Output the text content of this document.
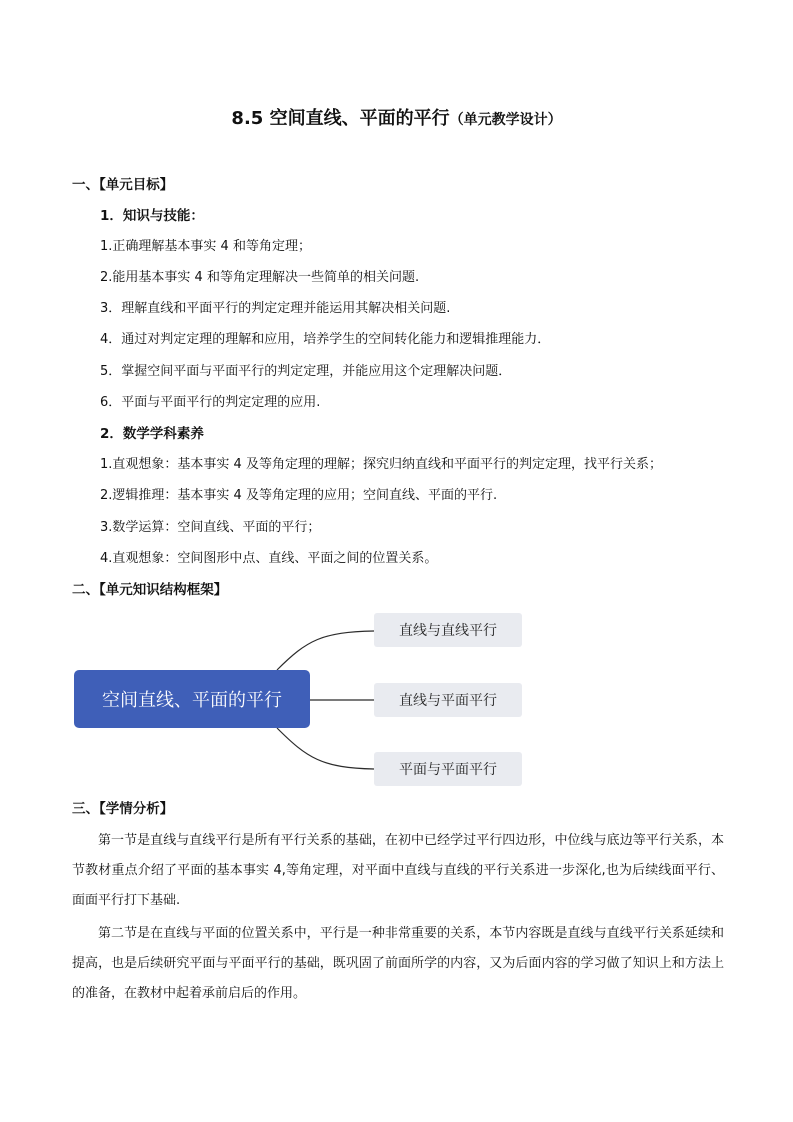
8.5 空间直线、平面的平行（单元教学设计）
一、【单元目标】
1．知识与技能：
1.正确理解基本事实 4 和等角定理；
2.能用基本事实 4 和等角定理解决一些简单的相关问题.
3．理解直线和平面平行的判定定理并能运用其解决相关问题.
4．通过对判定定理的理解和应用，培养学生的空间转化能力和逻辑推理能力．
5．掌握空间平面与平面平行的判定定理，并能应用这个定理解决问题．
6．平面与平面平行的判定定理的应用.
2．数学学科素养
1.直观想象：基本事实 4 及等角定理的理解；探究归纳直线和平面平行的判定定理，找平行关系；
2.逻辑推理：基本事实 4 及等角定理的应用；空间直线、平面的平行.
3.数学运算：空间直线、平面的平行；
4.直观想象：空间图形中点、直线、平面之间的位置关系。
二、【单元知识结构框架】
空间直线、平面的平行
直线与直线平行
直线与平面平行
平面与平面平行
三、【学情分析】
第一节是直线与直线平行是所有平行关系的基础，在初中已经学过平行四边形，中位线与底边等平行关系，本节教材重点介绍了平面的基本事实 4,等角定理，对平面中直线与直线的平行关系进一步深化,也为后续线面平行、面面平行打下基础.
第二节是在直线与平面的位置关系中，平行是一种非常重要的关系，本节内容既是直线与直线平行关系延续和提高，也是后续研究平面与平面平行的基础，既巩固了前面所学的内容，又为后面内容的学习做了知识上和方法上的准备，在教材中起着承前启后的作用。
